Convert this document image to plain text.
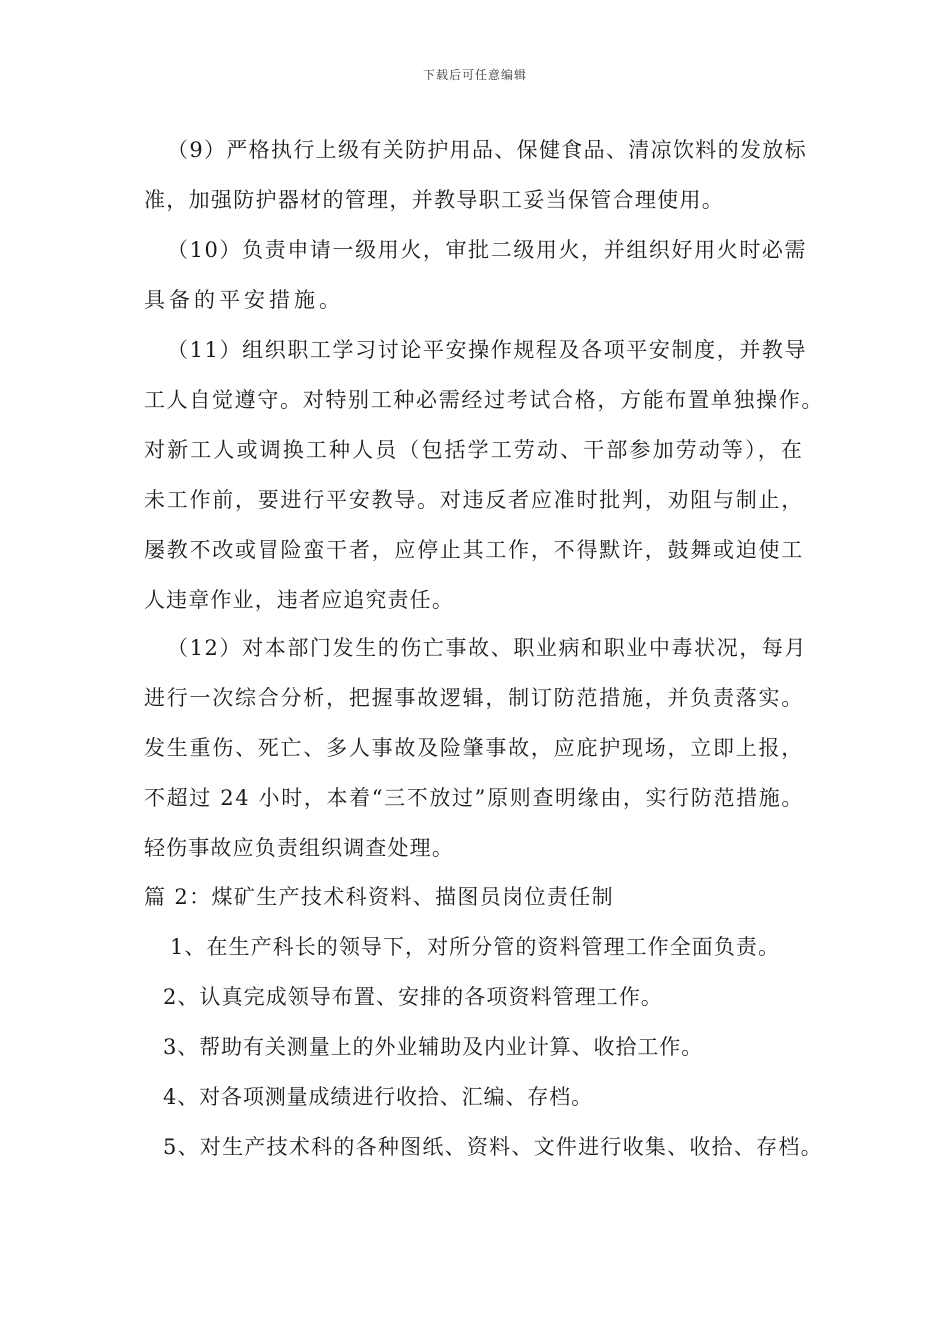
下载后可任意编辑
（9）严格执行上级有关防护用品、保健食品、清凉饮料的发放标
准，加强防护器材的管理，并教导职工妥当保管合理使用。
（10）负责申请一级用火，审批二级用火，并组织好用火时必需
具备的平安措施。
（11）组织职工学习讨论平安操作规程及各项平安制度，并教导
工人自觉遵守。对特别工种必需经过考试合格，方能布置单独操作。
对新工人或调换工种人员（包括学工劳动、干部参加劳动等），在
未工作前，要进行平安教导。对违反者应准时批判，劝阻与制止，
屡教不改或冒险蛮干者，应停止其工作，不得默许，鼓舞或迫使工
人违章作业，违者应追究责任。
（12）对本部门发生的伤亡事故、职业病和职业中毒状况，每月
进行一次综合分析，把握事故逻辑，制订防范措施，并负责落实。
发生重伤、死亡、多人事故及险肇事故，应庇护现场，立即上报，
不超过 24 小时，本着“三不放过”原则查明缘由，实行防范措施。
轻伤事故应负责组织调查处理。
篇 2：煤矿生产技术科资料、描图员岗位责任制
1、在生产科长的领导下，对所分管的资料管理工作全面负责。
2、认真完成领导布置、安排的各项资料管理工作。
3、帮助有关测量上的外业辅助及内业计算、收拾工作。
4、对各项测量成绩进行收拾、汇编、存档。
5、对生产技术科的各种图纸、资料、文件进行收集、收拾、存档。
